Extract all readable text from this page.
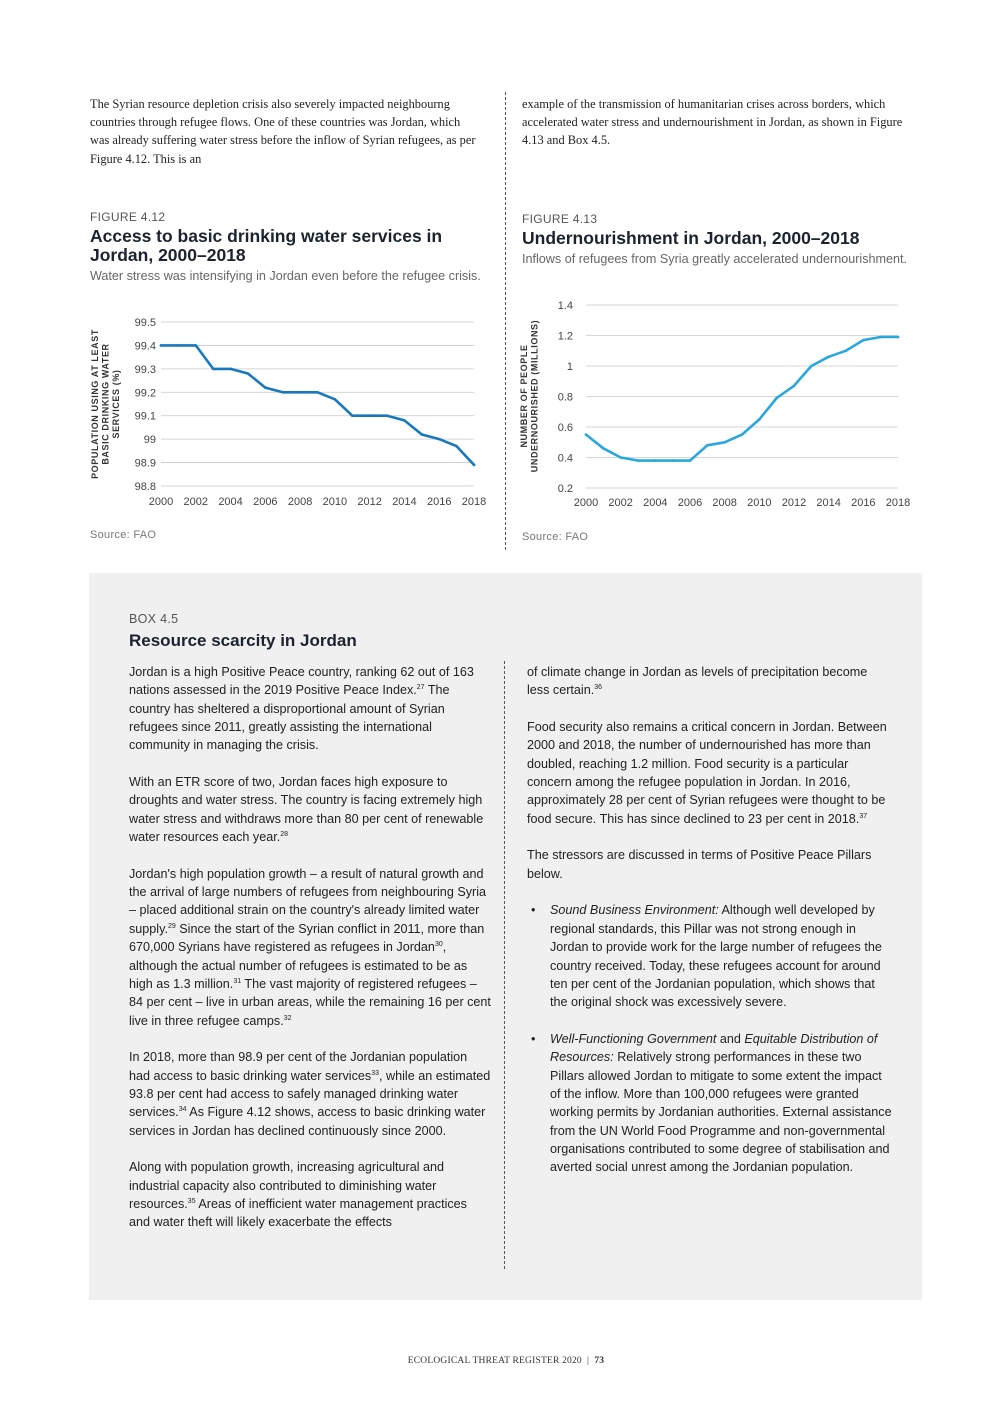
The Syrian resource depletion crisis also severely impacted neighbourng countries through refugee flows. One of these countries was Jordan, which was already suffering water stress before the inflow of Syrian refugees, as per Figure 4.12. This is an
example of the transmission of humanitarian crises across borders, which accelerated water stress and undernourishment in Jordan, as shown in Figure 4.13 and Box 4.5.
FIGURE 4.12
Access to basic drinking water services in Jordan, 2000–2018
Water stress was intensifying in Jordan even before the refugee crisis.
98.8
98.9
99
99.1
99.2
99.3
99.4
99.5
2000 2002 2004 2006 2008 2010 2012 2014 2016 2018
POPULATION USING AT LEASTBASIC DRINKING WATERSERVICES (%)
Source: FAO
FIGURE 4.13
Undernourishment in Jordan, 2000–2018
Inflows of refugees from Syria greatly accelerated undernourishment.
0.2
0.4
0.6
0.8
1
1.2
1.4
2000 2002 2004 2006 2008 2010 2012 2014 2016 2018
NUMBER OF PEOPLEUNDERNOURISHED (MILLIONS)
Source: FAO
BOX 4.5
Resource scarcity in Jordan

Jordan is a high Positive Peace country, ranking 62 out of 163 nations assessed in the 2019 Positive Peace Index.$^{27}$ The country has sheltered a disproportional amount of Syrian refugees since 2011, greatly assisting the international community in managing the crisis.

With an ETR score of two, Jordan faces high exposure to droughts and water stress. The country is facing extremely high water stress and withdraws more than 80 per cent of renewable water resources each year.$^{28}$

Jordan's high population growth – a result of natural growth and the arrival of large numbers of refugees from neighbouring Syria – placed additional strain on the country's already limited water supply.$^{29}$ Since the start of the Syrian conflict in 2011, more than 670,000 Syrians have registered as refugees in Jordan$^{30}$, although the actual number of refugees is estimated to be as high as 1.3 million.$^{31}$ The vast majority of registered refugees – 84 per cent – live in urban areas, while the remaining 16 per cent live in three refugee camps.$^{32}$

In 2018, more than 98.9 per cent of the Jordanian population had access to basic drinking water services$^{33}$, while an estimated 93.8 per cent had access to safely managed drinking water services.$^{34}$ As Figure 4.12 shows, access to basic drinking water services in Jordan has declined continuously since 2000.

Along with population growth, increasing agricultural and industrial capacity also contributed to diminishing water resources.$^{35}$ Areas of inefficient water management practices and water theft will likely exacerbate the effects

of climate change in Jordan as levels of precipitation become less certain.$^{36}$

Food security also remains a critical concern in Jordan. Between 2000 and 2018, the number of undernourished has more than doubled, reaching 1.2 million. Food security is a particular concern among the refugee population in Jordan. In 2016, approximately 28 per cent of Syrian refugees were thought to be food secure. This has since declined to 23 per cent in 2018.37

The stressors are discussed in terms of Positive Peace Pillars below.

• Sound Business Environment: Although well developed by regional standards, this Pillar was not strong enough in Jordan to provide work for the large number of refugees the country received. Today, these refugees account for around ten per cent of the Jordanian population, which shows that the original shock was excessively severe.
• Well-Functioning Government and Equitable Distribution of Resources: Relatively strong performances in these two Pillars allowed Jordan to mitigate to some extent the impact of the inflow. More than 100,000 refugees were granted working permits by Jordanian authorities. External assistance from the UN World Food Programme and non-governmental organisations contributed to some degree of stabilisation and averted social unrest among the Jordanian population.
ECOLOGICAL THREAT REGISTER 2020 | 73
